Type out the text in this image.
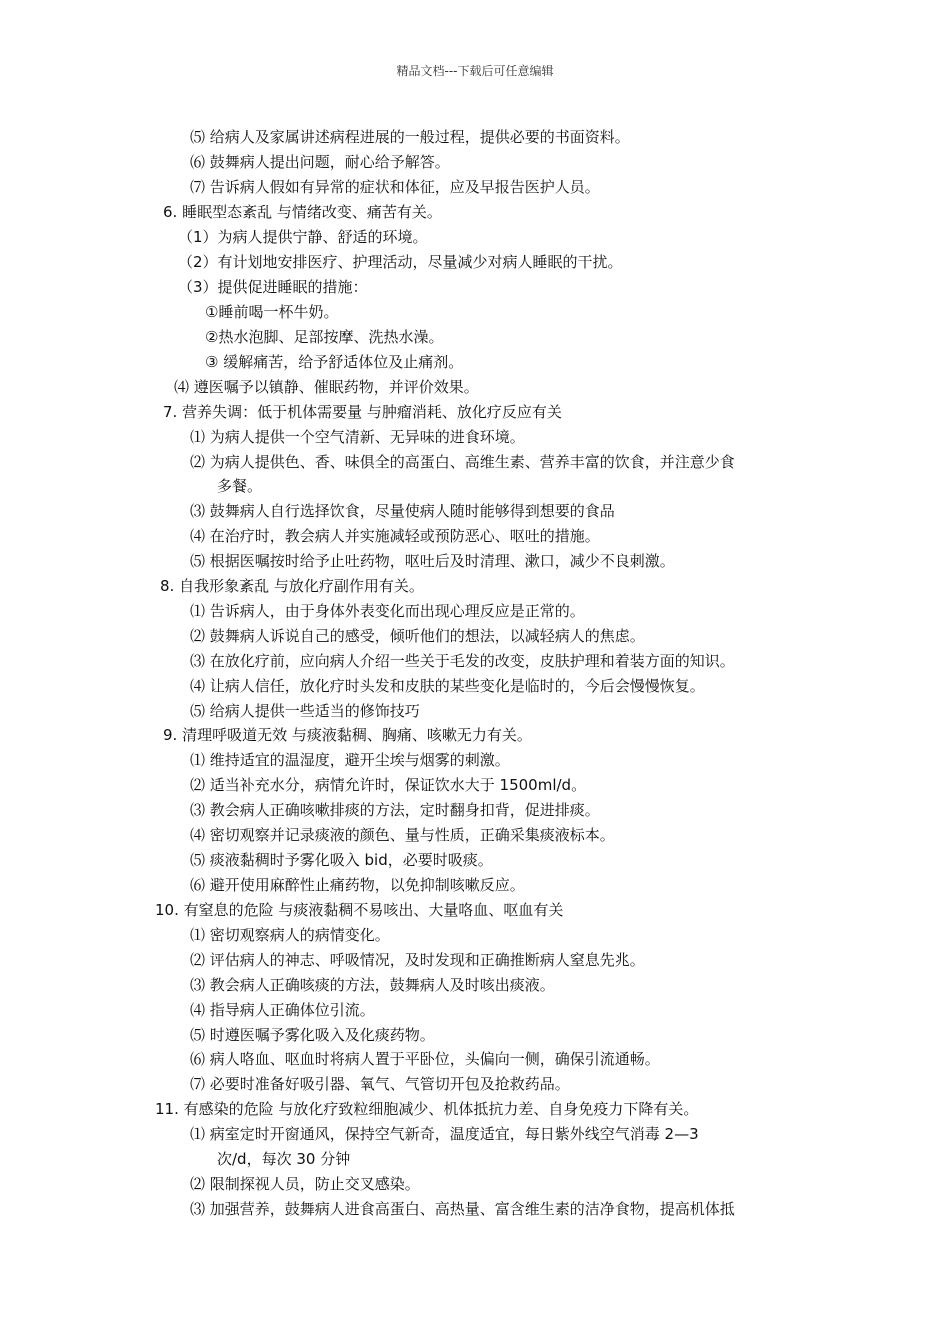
精品文档---下载后可任意编辑
⑸ 给病人及家属讲述病程进展的一般过程，提供必要的书面资料。
⑹ 鼓舞病人提出问题，耐心给予解答。
⑺ 告诉病人假如有异常的症状和体征，应及早报告医护人员。
6. 睡眠型态紊乱 与情绪改变、痛苦有关。
（1）为病人提供宁静、舒适的环境。
（2）有计划地安排医疗、护理活动，尽量减少对病人睡眠的干扰。
（3）提供促进睡眠的措施：
①睡前喝一杯牛奶。
②热水泡脚、足部按摩、洗热水澡。
③ 缓解痛苦，给予舒适体位及止痛剂。
⑷ 遵医嘱予以镇静、催眠药物，并评价效果。
7. 营养失调：低于机体需要量 与肿瘤消耗、放化疗反应有关
⑴ 为病人提供一个空气清新、无异味的进食环境。
⑵ 为病人提供色、香、味俱全的高蛋白、高维生素、营养丰富的饮食，并注意少食
多餐。
⑶ 鼓舞病人自行选择饮食，尽量使病人随时能够得到想要的食品
⑷ 在治疗时，教会病人并实施减轻或预防恶心、呕吐的措施。
⑸ 根据医嘱按时给予止吐药物，呕吐后及时清理、漱口，减少不良刺激。
8. 自我形象紊乱 与放化疗副作用有关。
⑴ 告诉病人，由于身体外表变化而出现心理反应是正常的。
⑵ 鼓舞病人诉说自己的感受，倾听他们的想法，以减轻病人的焦虑。
⑶ 在放化疗前，应向病人介绍一些关于毛发的改变，皮肤护理和着装方面的知识。
⑷ 让病人信任，放化疗时头发和皮肤的某些变化是临时的，今后会慢慢恢复。
⑸ 给病人提供一些适当的修饰技巧
9. 清理呼吸道无效 与痰液黏稠、胸痛、咳嗽无力有关。
⑴ 维持适宜的温湿度，避开尘埃与烟雾的刺激。
⑵ 适当补充水分，病情允许时，保证饮水大于 1500ml/d。
⑶ 教会病人正确咳嗽排痰的方法，定时翻身扣背，促进排痰。
⑷ 密切观察并记录痰液的颜色、量与性质，正确采集痰液标本。
⑸ 痰液黏稠时予雾化吸入 bid，必要时吸痰。
⑹ 避开使用麻醉性止痛药物，以免抑制咳嗽反应。
10. 有窒息的危险 与痰液黏稠不易咳出、大量咯血、呕血有关
⑴ 密切观察病人的病情变化。
⑵ 评估病人的神志、呼吸情况，及时发现和正确推断病人窒息先兆。
⑶ 教会病人正确咳痰的方法，鼓舞病人及时咳出痰液。
⑷ 指导病人正确体位引流。
⑸ 时遵医嘱予雾化吸入及化痰药物。
⑹ 病人咯血、呕血时将病人置于平卧位，头偏向一侧，确保引流通畅。
⑺ 必要时准备好吸引器、氧气、气管切开包及抢救药品。
11. 有感染的危险 与放化疗致粒细胞减少、机体抵抗力差、自身免疫力下降有关。
⑴ 病室定时开窗通风，保持空气新奇，温度适宜，每日紫外线空气消毒 2—3
次/d，每次 30 分钟
⑵ 限制探视人员，防止交叉感染。
⑶ 加强营养，鼓舞病人进食高蛋白、高热量、富含维生素的洁净食物，提高机体抵
